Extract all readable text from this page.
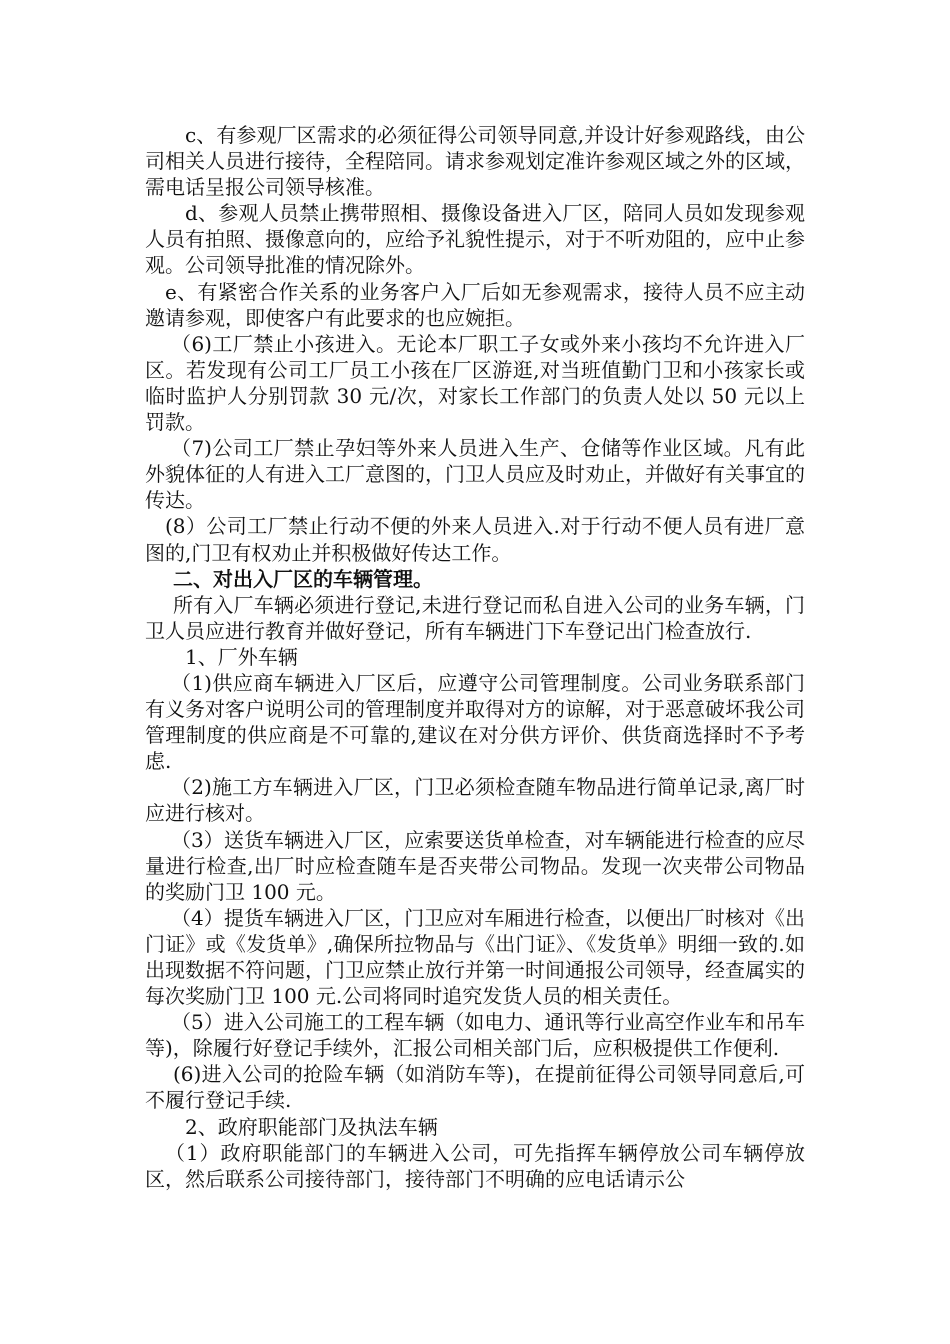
c、有参观厂区需求的必须征得公司领导同意,并设计好参观路线，由公司相关人员进行接待，全程陪同。请求参观划定准许参观区域之外的区域，需电话呈报公司领导核准。

d、参观人员禁止携带照相、摄像设备进入厂区，陪同人员如发现参观人员有拍照、摄像意向的，应给予礼貌性提示，对于不听劝阻的，应中止参观。公司领导批准的情况除外。

e、有紧密合作关系的业务客户入厂后如无参观需求，接待人员不应主动邀请参观，即使客户有此要求的也应婉拒。

（6)工厂禁止小孩进入。无论本厂职工子女或外来小孩均不允许进入厂区。若发现有公司工厂员工小孩在厂区游逛,对当班值勤门卫和小孩家长或临时监护人分别罚款 30 元/次，对家长工作部门的负责人处以 50 元以上罚款。

（7)公司工厂禁止孕妇等外来人员进入生产、仓储等作业区域。凡有此外貌体征的人有进入工厂意图的，门卫人员应及时劝止，并做好有关事宜的传达。

(8）公司工厂禁止行动不便的外来人员进入.对于行动不便人员有进厂意图的,门卫有权劝止并积极做好传达工作。

二、对出入厂区的车辆管理。

所有入厂车辆必须进行登记,未进行登记而私自进入公司的业务车辆，门卫人员应进行教育并做好登记，所有车辆进门下车登记出门检查放行.

1、厂外车辆

（1)供应商车辆进入厂区后，应遵守公司管理制度。公司业务联系部门有义务对客户说明公司的管理制度并取得对方的谅解，对于恶意破坏我公司管理制度的供应商是不可靠的,建议在对分供方评价、供货商选择时不予考虑.

（2)施工方车辆进入厂区，门卫必须检查随车物品进行简单记录,离厂时应进行核对。

（3）送货车辆进入厂区，应索要送货单检查，对车辆能进行检查的应尽量进行检查,出厂时应检查随车是否夹带公司物品。发现一次夹带公司物品的奖励门卫 100 元。

（4）提货车辆进入厂区，门卫应对车厢进行检查，以便出厂时核对《出门证》或《发货单》,确保所拉物品与《出门证》、《发货单》明细一致的.如出现数据不符问题，门卫应禁止放行并第一时间通报公司领导，经查属实的每次奖励门卫 100 元.公司将同时追究发货人员的相关责任。

（5）进入公司施工的工程车辆（如电力、通讯等行业高空作业车和吊车等)，除履行好登记手续外，汇报公司相关部门后，应积极提供工作便利.

(6)进入公司的抢险车辆（如消防车等)，在提前征得公司领导同意后,可不履行登记手续.

2、政府职能部门及执法车辆

（1）政府职能部门的车辆进入公司，可先指挥车辆停放公司车辆停放区，然后联系公司接待部门，接待部门不明确的应电话请示公
